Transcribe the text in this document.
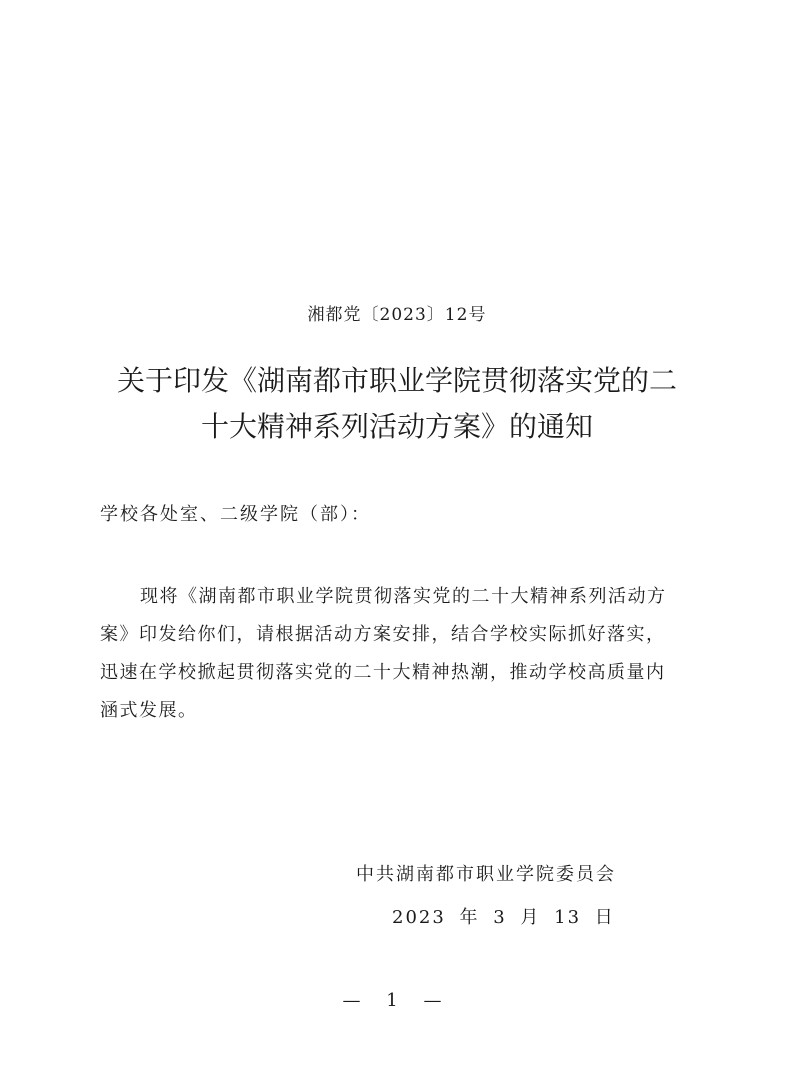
湘都党〔2023〕12号
关于印发《湖南都市职业学院贯彻落实党的二
十大精神系列活动方案》的通知
学校各处室、二级学院（部）：
现将《湖南都市职业学院贯彻落实党的二十大精神系列活动方
案》印发给你们，请根据活动方案安排，结合学校实际抓好落实，
迅速在学校掀起贯彻落实党的二十大精神热潮，推动学校高质量内
涵式发展。
中共湖南都市职业学院委员会
2023 年 3 月 13 日
— 1 —
